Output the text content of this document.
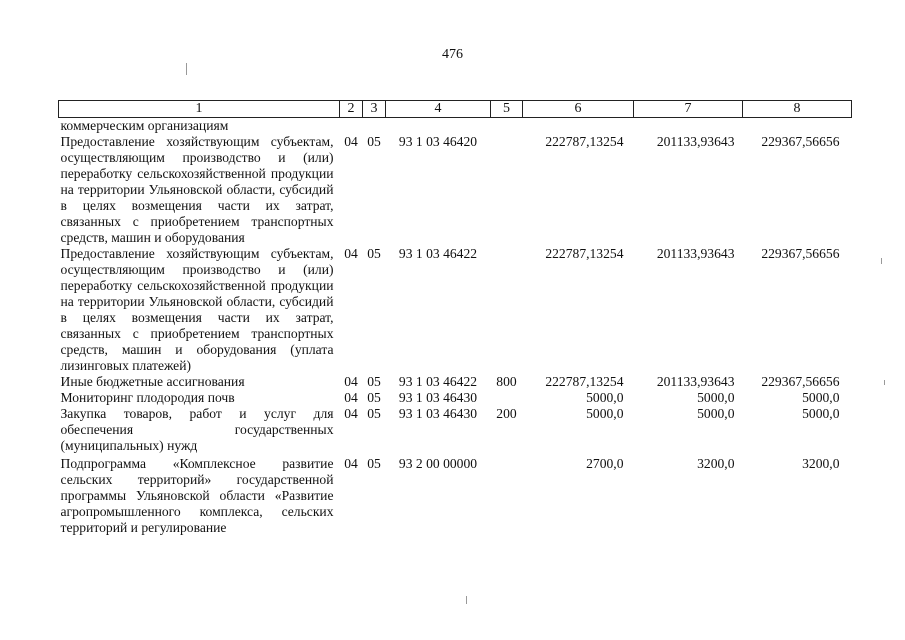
476
1	2	3	4	5	6	7	8
коммерческим организациям							
Предоставление хозяйствующим субъектам, осуществляющим производство и (или) переработку сельскохозяйственной продукции на территории Ульяновской области, субсидий в целях возмещения части их затрат, связанных с приобретением транспортных средств, машин и оборудования	04	05	93 1 03 46420		222787,13254	201133,93643	229367,56656
Предоставление хозяйствующим субъектам, осуществляющим производство и (или) переработку сельскохозяйственной продукции на территории Ульяновской области, субсидий в целях возмещения части их затрат, связанных с приобретением транспортных средств, машин и оборудования (уплата лизинговых платежей)	04	05	93 1 03 46422		222787,13254	201133,93643	229367,56656
Иные бюджетные ассигнования	04	05	93 1 03 46422	800	222787,13254	201133,93643	229367,56656
Мониторинг плодородия почв	04	05	93 1 03 46430		5000,0	5000,0	5000,0
Закупка товаров, работ и услуг для обеспечения государственных (муниципальных) нужд	04	05	93 1 03 46430	200	5000,0	5000,0	5000,0
Подпрограмма «Комплексное развитие сельских территорий» государственной программы Ульяновской области «Развитие агропромышленного комплекса, сельских территорий и регулирование	04	05	93 2 00 00000		2700,0	3200,0	3200,0
